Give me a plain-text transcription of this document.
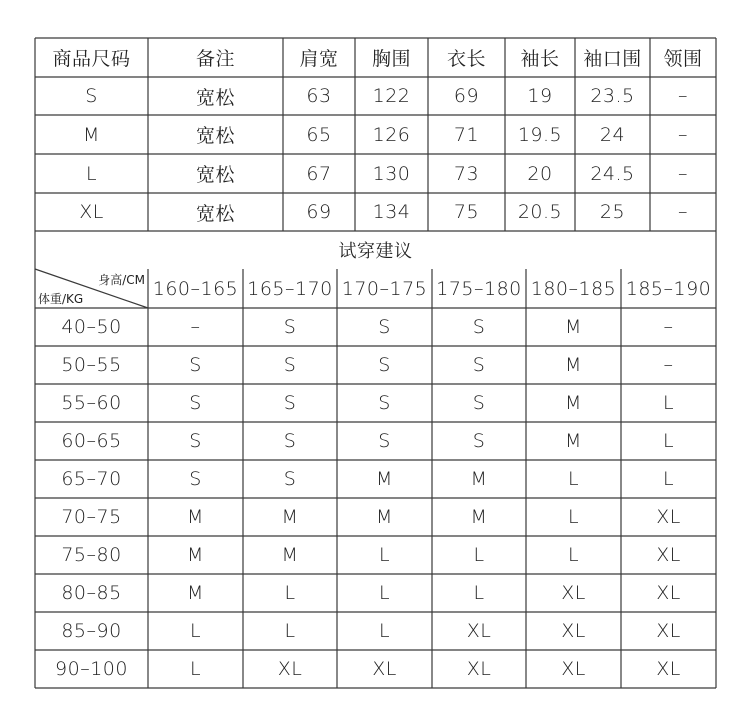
商品尺码	备注	肩宽	胸围	衣长	袖长	袖口围	领围
S	宽松	63	122	69	19	23.5	–
M	宽松	65	126	71	19.5	24	–
L	宽松	67	130	73	20	24.5	–
XL	宽松	69	134	75	20.5	25	–
试穿建议
身高/CM
体重/KG	160–165 165–170 170–175 175–180 180–185 185–190
40–50	–	S	S	S	M	–
50–55	S	S	S	S	M	–
55–60	S	S	S	S	M	L
60–65	S	S	S	S	M	L
65–70	S	S	M	M	L	L
70–75	M	M	M	M	L	XL
75–80	M	M	L	L	L	XL
80–85	M	L	L	L	XL	XL
85–90	L	L	L	XL	XL	XL
90–100	L	XL	XL	XL	XL	XL
